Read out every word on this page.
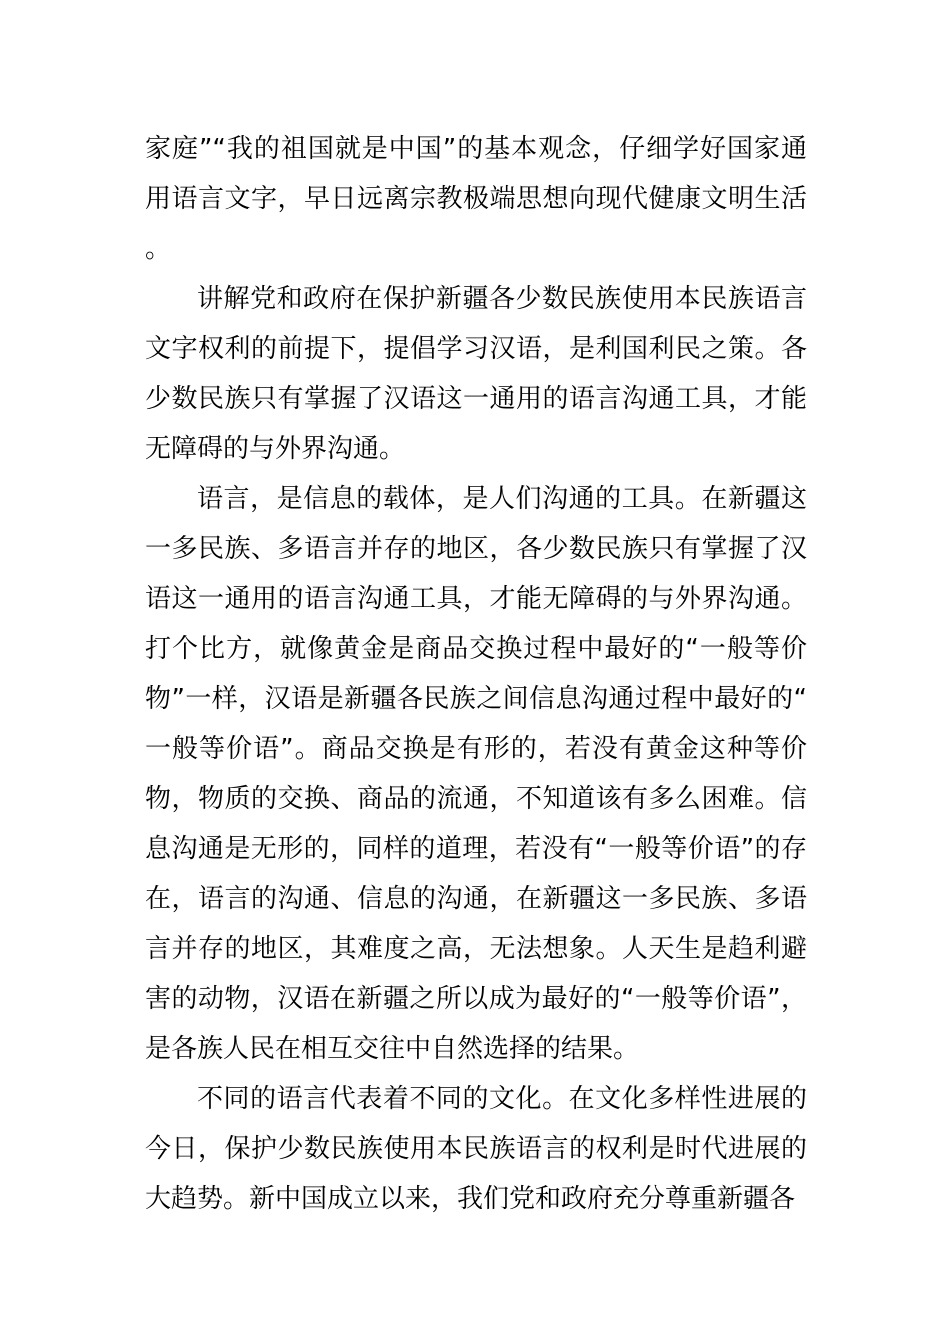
家庭”“我的祖国就是中国”的基本观念，仔细学好国家通用语言文字，早日远离宗教极端思想向现代健康文明生活。

讲解党和政府在保护新疆各少数民族使用本民族语言文字权利的前提下，提倡学习汉语，是利国利民之策。各少数民族只有掌握了汉语这一通用的语言沟通工具，才能无障碍的与外界沟通。

语言，是信息的载体，是人们沟通的工具。在新疆这一多民族、多语言并存的地区，各少数民族只有掌握了汉语这一通用的语言沟通工具，才能无障碍的与外界沟通。打个比方，就像黄金是商品交换过程中最好的“一般等价物”一样，汉语是新疆各民族之间信息沟通过程中最好的“一般等价语”。商品交换是有形的，若没有黄金这种等价物，物质的交换、商品的流通，不知道该有多么困难。信息沟通是无形的，同样的道理，若没有“一般等价语”的存在，语言的沟通、信息的沟通，在新疆这一多民族、多语言并存的地区，其难度之高，无法想象。人天生是趋利避害的动物，汉语在新疆之所以成为最好的“一般等价语”，是各族人民在相互交往中自然选择的结果。

不同的语言代表着不同的文化。在文化多样性进展的今日，保护少数民族使用本民族语言的权利是时代进展的大趋势。新中国成立以来，我们党和政府充分尊重新疆各
